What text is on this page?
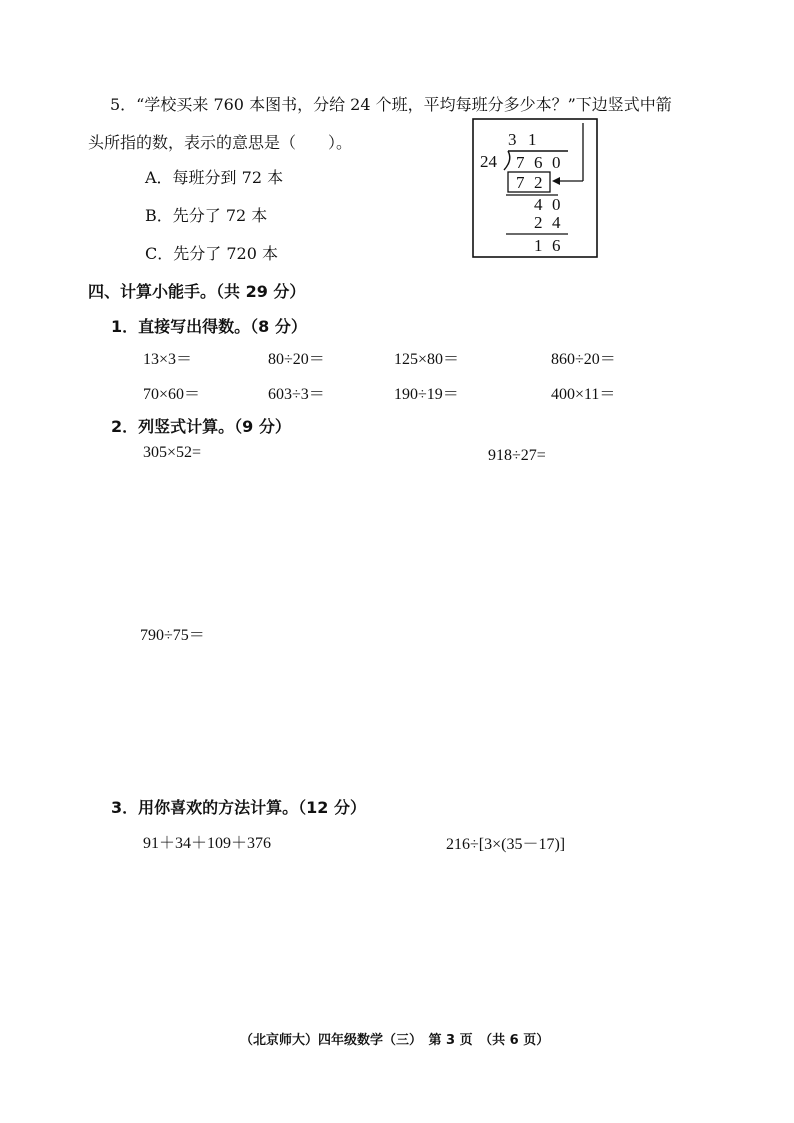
5．“学校买来 760 本图书，分给 24 个班，平均每班分多少本？”下边竖式中箭
头所指的数，表示的意思是（　　）。
A．每班分到 72 本
B．先分了 72 本
C．先分了 720 本
3 1
24 7 6 0
7 2
4 0
2 4
1 6
四、计算小能手。（共 29 分）
1．直接写出得数。（8 分）
13×3＝	80÷20＝	125×80＝	860÷20＝
70×60＝	603÷3＝	190÷19＝	400×11＝
2．列竖式计算。（9 分）
305×52=	918÷27=
790÷75＝
3．用你喜欢的方法计算。（12 分）
91＋34＋109＋376	216÷[3×(35－17)]
（北京师大）四年级数学（三）　第 3 页　（共 6 页）
